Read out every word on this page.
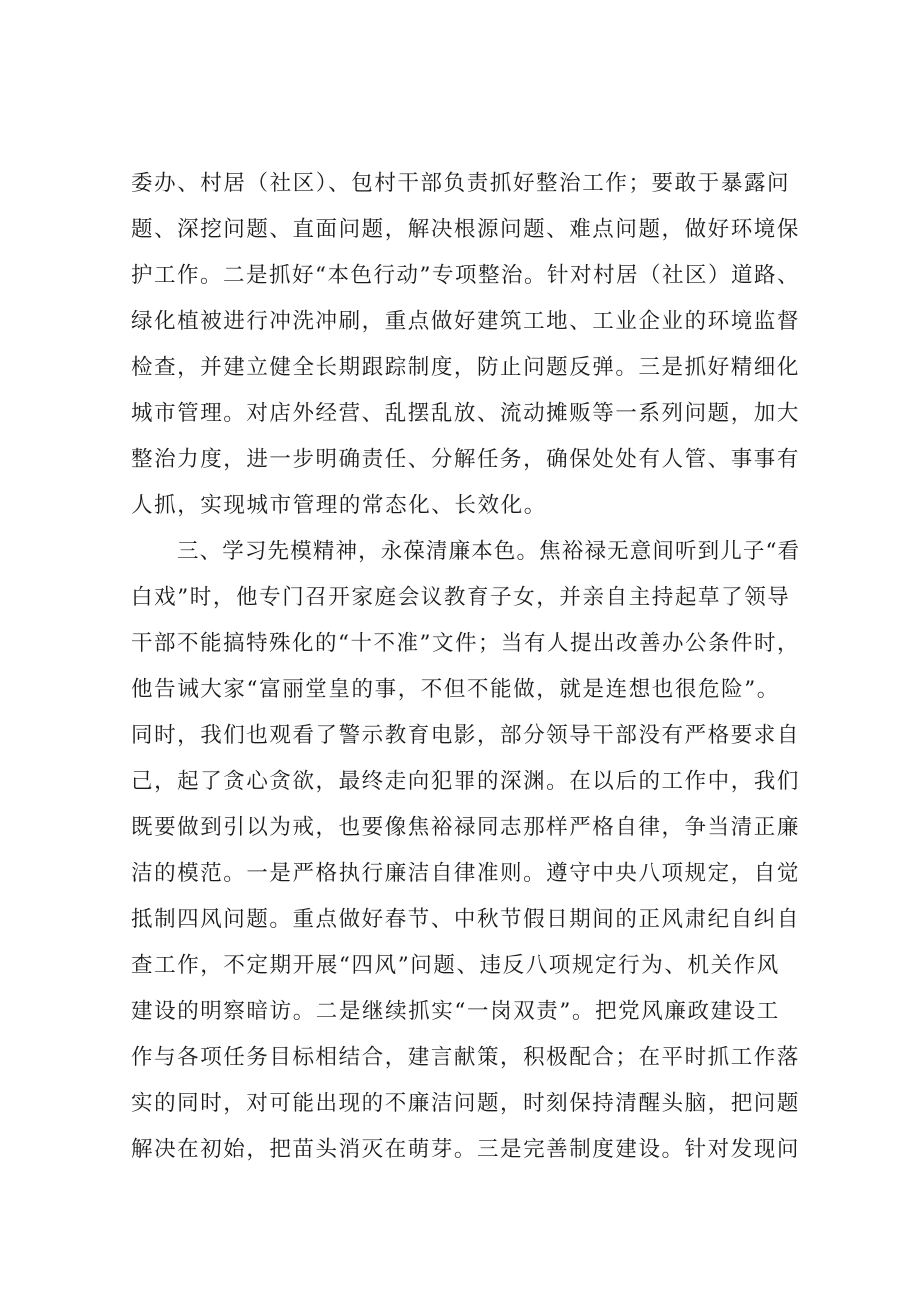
委办、村居（社区）、包村干部负责抓好整治工作；要敢于暴露问
题、深挖问题、直面问题，解决根源问题、难点问题，做好环境保
护工作。二是抓好“本色行动”专项整治。针对村居（社区）道路、
绿化植被进行冲洗冲刷，重点做好建筑工地、工业企业的环境监督
检查，并建立健全长期跟踪制度，防止问题反弹。三是抓好精细化
城市管理。对店外经营、乱摆乱放、流动摊贩等一系列问题，加大
整治力度，进一步明确责任、分解任务，确保处处有人管、事事有
人抓，实现城市管理的常态化、长效化。
三、学习先模精神，永葆清廉本色。焦裕禄无意间听到儿子“看
白戏”时，他专门召开家庭会议教育子女，并亲自主持起草了领导
干部不能搞特殊化的“十不准”文件；当有人提出改善办公条件时，
他告诫大家“富丽堂皇的事，不但不能做，就是连想也很危险”。
同时，我们也观看了警示教育电影，部分领导干部没有严格要求自
己，起了贪心贪欲，最终走向犯罪的深渊。在以后的工作中，我们
既要做到引以为戒，也要像焦裕禄同志那样严格自律，争当清正廉
洁的模范。一是严格执行廉洁自律准则。遵守中央八项规定，自觉
抵制四风问题。重点做好春节、中秋节假日期间的正风肃纪自纠自
查工作，不定期开展“四风”问题、违反八项规定行为、机关作风
建设的明察暗访。二是继续抓实“一岗双责”。把党风廉政建设工
作与各项任务目标相结合，建言献策，积极配合；在平时抓工作落
实的同时，对可能出现的不廉洁问题，时刻保持清醒头脑，把问题
解决在初始，把苗头消灭在萌芽。三是完善制度建设。针对发现问
